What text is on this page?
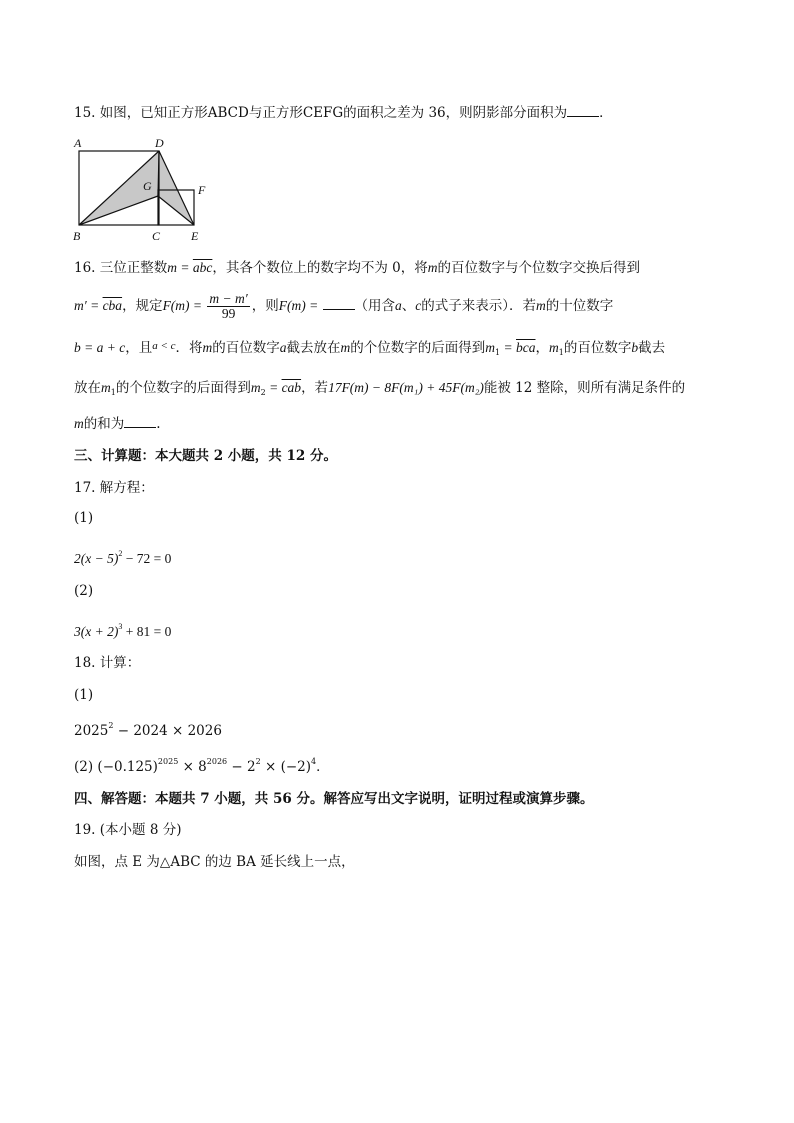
15. 如图，已知正方形ABCD与正方形CEFG的面积之差为 36，则阴影部分面积为 ．
A	D
G	F
B	C	E
16. 三位正整数$m = \overline{abc}$，其各个数位上的数字均不为 0，将m的百位数字与个位数字交换后得到
$m' = \overline{cba}$，规定$F(m) = \frac{m - m'}{99}$ ，则F(m) =	（用含a、c的式子来表示）．若m的十位数字
b = a + c，且$^{a < c}$．将m的百位数字a截去放在m的个位数字的后面得到$m_1 = \overline{bca}$，$m_1$的百位数字b截去
放在$m_1$的个位数字的后面得到$m_2 = \overline{cab}$，若17F(m) − 8F(m₁) + 45F(m₂)能被 12 整除，则所有满足条件的
m的和为 .
三、计算题：本大题共 2 小题，共 12 分。
17. 解方程：
(1)
$2(x - 5)^2 - 72 = 0$
(2)
$3(x + 2)^3 + 81 = 0$
18. 计算：
(1)
$2025^2 - 2024 \times 2026$
(2) $(-0.125)^{2025} \times 8^{2026} - 2^2 \times (-2)^4$．
四、解答题：本题共 7 小题，共 56 分。解答应写出文字说明，证明过程或演算步骤。
19. (本小题 8 分)
如图，点 E 为△ABC 的边 BA 延长线上一点，
